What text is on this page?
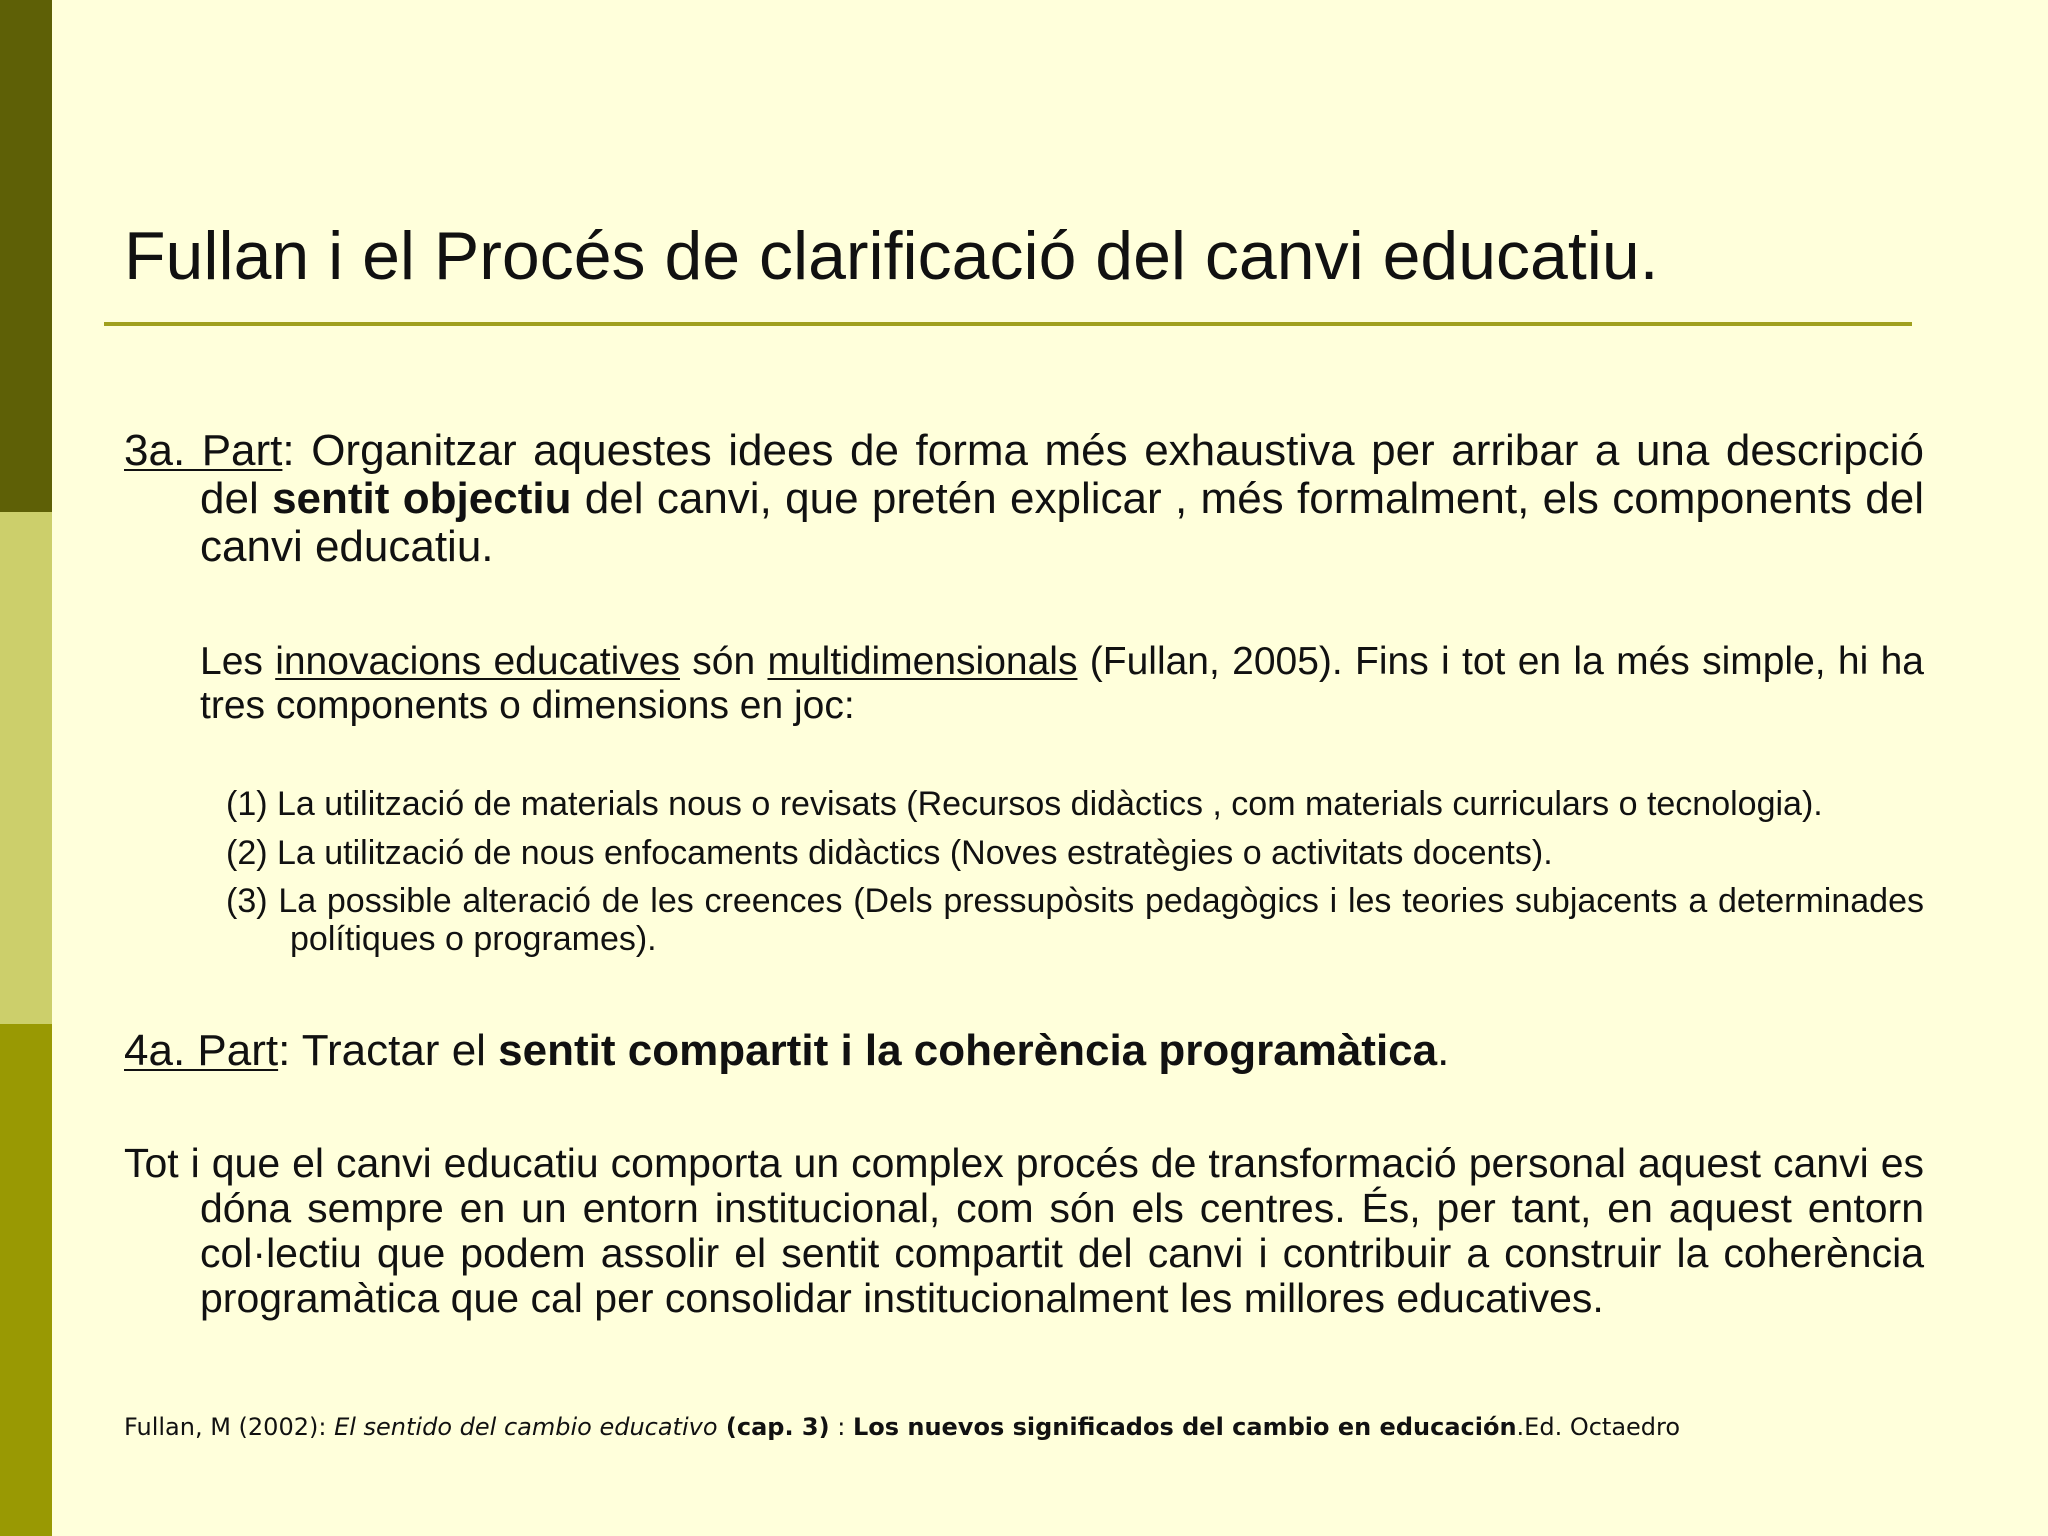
Fullan i el Procés de clarificació del canvi educatiu.
3a. Part: Organitzar aquestes idees de forma més exhaustiva per arribar a una descripció del sentit objectiu del canvi, que pretén explicar , més formalment, els components del canvi educatiu.
Les innovacions educatives són multidimensionals (Fullan, 2005). Fins i tot en la més simple, hi ha tres components o dimensions en joc:
(1) La utilització de materials nous o revisats (Recursos didàctics , com materials curriculars o tecnologia).
(2) La utilització de nous enfocaments didàctics (Noves estratègies o activitats docents).
(3) La possible alteració de les creences (Dels pressupòsits pedagògics i les teories subjacents a determinades polítiques o programes).
4a. Part: Tractar el sentit compartit i la coherència programàtica.
Tot i que el canvi educatiu comporta un complex procés de transformació personal aquest canvi es dóna sempre en un entorn institucional, com són els centres. És, per tant, en aquest entorn col·lectiu que podem assolir el sentit compartit del canvi i contribuir a construir la coherència programàtica que cal per consolidar institucionalment les millores educatives.
Fullan, M (2002): El sentido del cambio educativo (cap. 3) : Los nuevos significados del cambio en educación.Ed. Octaedro
